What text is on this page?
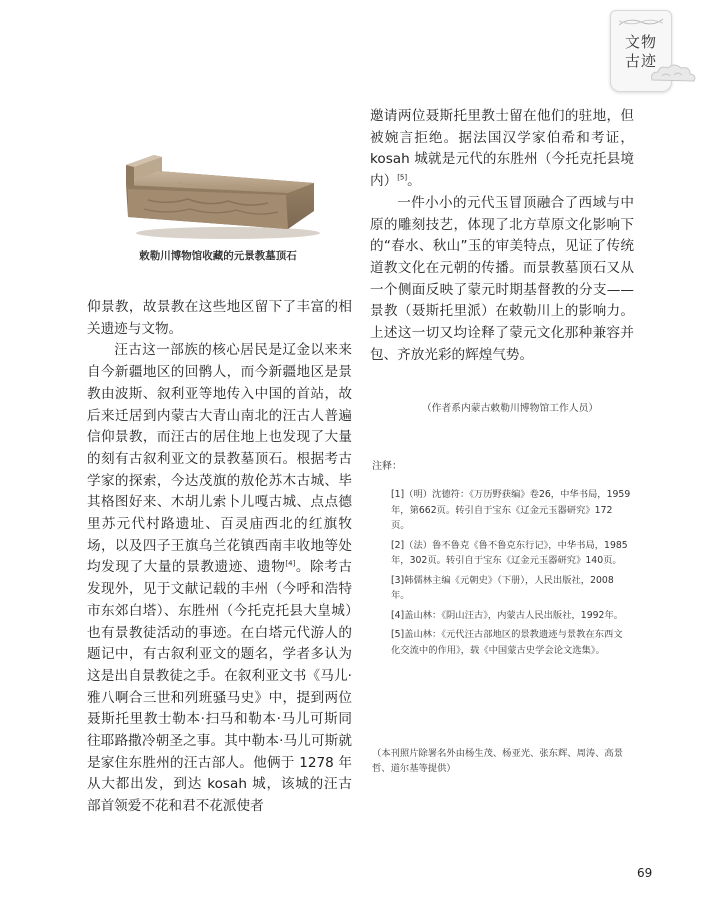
文物
古迹
敕勒川博物馆收藏的元景教墓顶石

仰景教，故景教在这些地区留下了丰富的相关遗迹与文物。

汪古这一部族的核心居民是辽金以来来自今新疆地区的回鹘人，而今新疆地区是景教由波斯、叙利亚等地传入中国的首站，故后来迁居到内蒙古大青山南北的汪古人普遍信仰景教，而汪古的居住地上也发现了大量的刻有古叙利亚文的景教墓顶石。根据考古学家的探索，今达茂旗的敖伦苏木古城、毕其格图好来、木胡儿索卜儿嘎古城、点点德里苏元代村路遗址、百灵庙西北的红旗牧场，以及四子王旗乌兰花镇西南丰收地等处均发现了大量的景教遗迹、遗物[4]。除考古发现外，见于文献记载的丰州（今呼和浩特市东郊白塔）、东胜州（今托克托县大皇城）也有景教徒活动的事迹。在白塔元代游人的题记中，有古叙利亚文的题名，学者多认为这是出自景教徒之手。在叙利亚文书《马儿·雅八啊合三世和列班骚马史》中，提到两位聂斯托里教士勒本·扫马和勒本·马儿可斯同往耶路撒冷朝圣之事。其中勒本·马儿可斯就是家住东胜州的汪古部人。他俩于 1278 年从大都出发，到达 kosah 城，该城的汪古部首领爱不花和君不花派使者

邀请两位聂斯托里教士留在他们的驻地，但被婉言拒绝。据法国汉学家伯希和考证，kosah 城就是元代的东胜州（今托克托县境内）[5]。

一件小小的元代玉冒顶融合了西域与中原的雕刻技艺，体现了北方草原文化影响下的“春水、秋山”玉的审美特点，见证了传统道教文化在元朝的传播。而景教墓顶石又从一个侧面反映了蒙元时期基督教的分支——景教（聂斯托里派）在敕勒川上的影响力。上述这一切又均诠释了蒙元文化那种兼容并包、齐放光彩的辉煌气势。

（作者系内蒙古敕勒川博物馆工作人员）
注释：

[1]（明）沈德符：《万历野获编》卷26，中华书局，1959年，第662页。转引自于宝东《辽金元玉器研究》172页。

[2]（法）鲁不鲁克《鲁不鲁克东行记》，中华书局，1985年，302页。转引自于宝东《辽金元玉器研究》140页。

[3]韩儒林主编《元朝史》（下册），人民出版社，2008年。

[4]盖山林：《阴山汪古》，内蒙古人民出版社，1992年。

[5]盖山林：《元代汪古部地区的景教遗迹与景教在东西文化交流中的作用》，载《中国蒙古史学会论文选集》。

（本刊照片除署名外由杨生茂、杨亚光、张东辉、周涛、高景哲、道尔基等提供）
69
